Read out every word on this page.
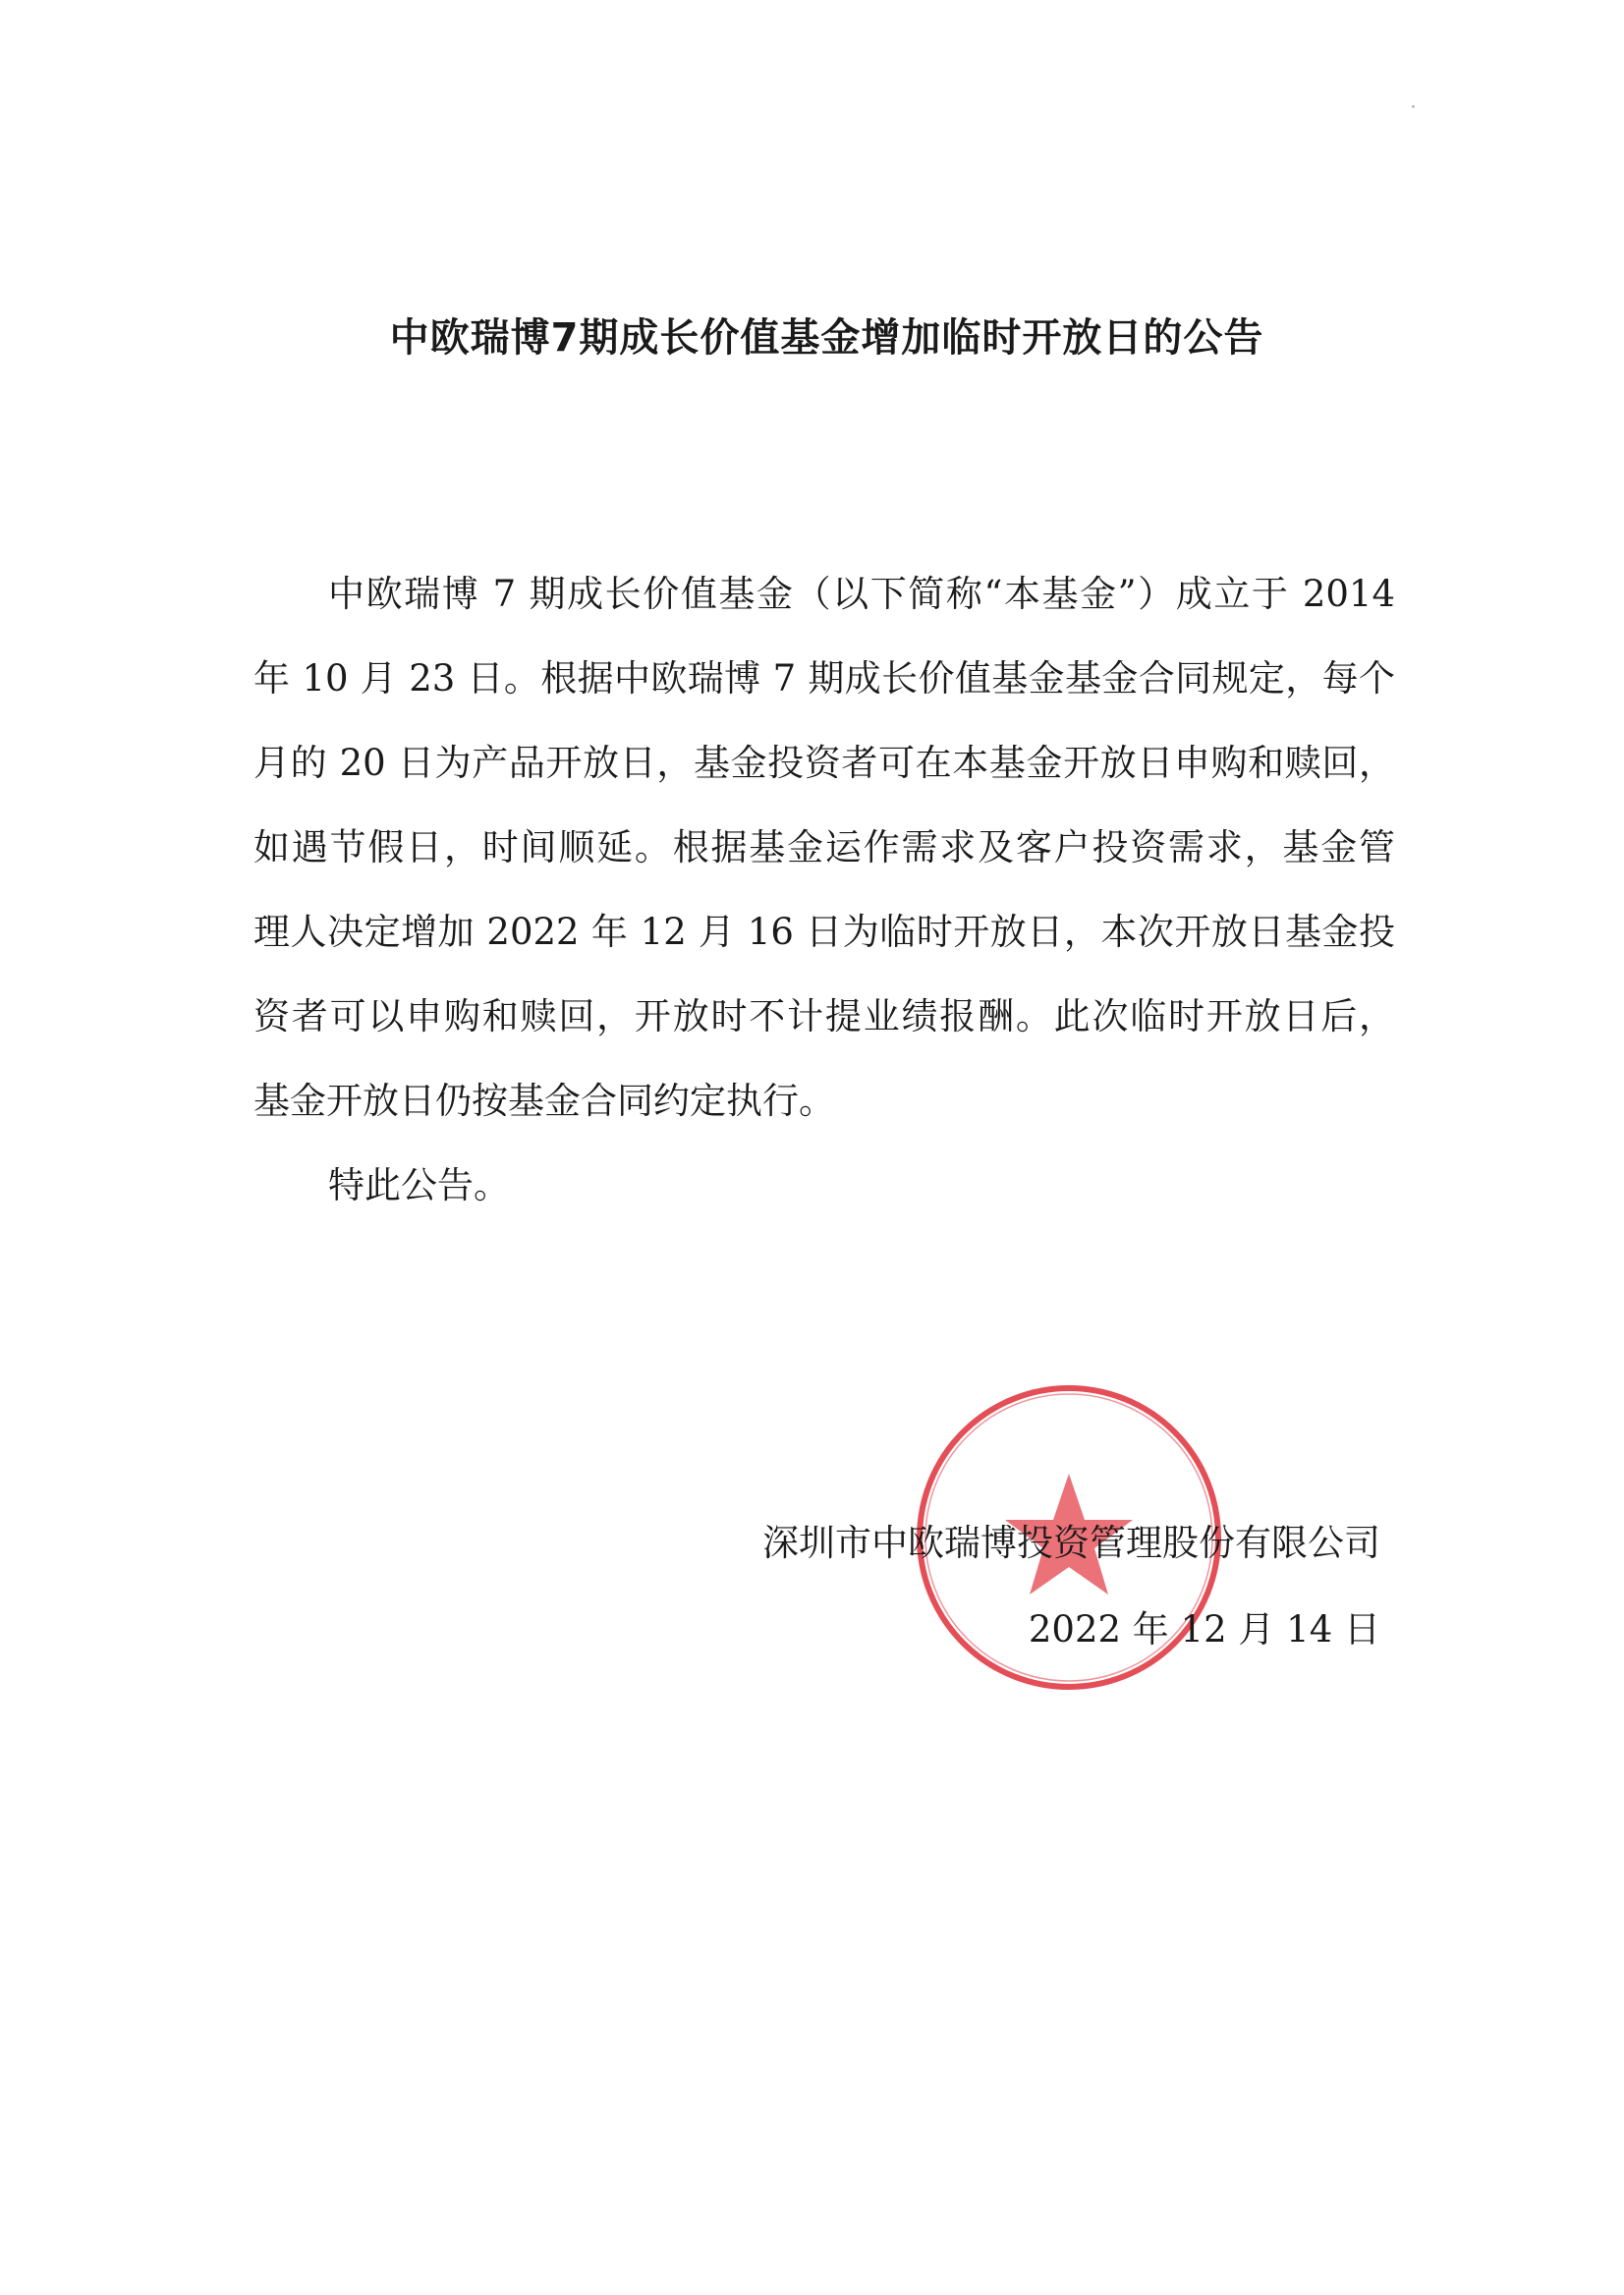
中欧瑞博7期成长价值基金增加临时开放日的公告
中欧瑞博 7 期成长价值基金（以下简称“本基金”）成立于 2014
年 10 月 23 日。根据中欧瑞博 7 期成长价值基金基金合同规定，每个
月的 20 日为产品开放日，基金投资者可在本基金开放日申购和赎回，
如遇节假日，时间顺延。根据基金运作需求及客户投资需求，基金管
理人决定增加 2022 年 12 月 16 日为临时开放日，本次开放日基金投
资者可以申购和赎回，开放时不计提业绩报酬。此次临时开放日后，
基金开放日仍按基金合同约定执行。
特此公告。
深圳市中欧瑞博投资管理股份有限公司
2022 年 12 月 14 日
